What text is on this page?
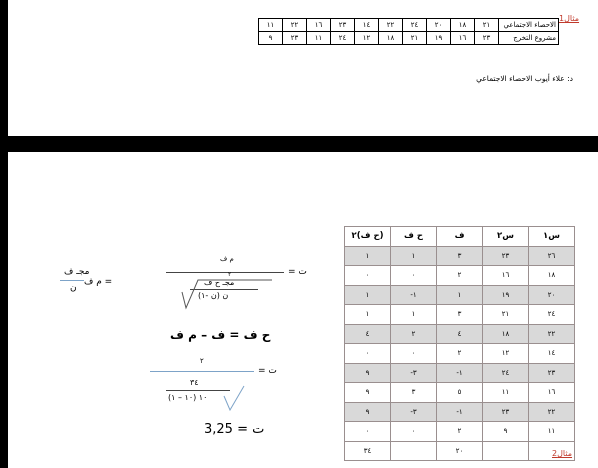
الاحصاء الاجتماعي	٢١	١٨	٢٠	٢٤	٢٢	١٤	٢٣	١٦	٢٢	١١
مشروع التخرج	٢٣	١٦	١٩	٢١	١٨	١٢	٢٤	١١	٢٣	٩
مثال1
د: علاء أيوب الاحصاء الاجتماعي
س١	س٢	ف	ح ف	(ح ف)٢
٢٦	٢٣	٣	١	١
١٨	١٦	٢	٠	٠
٢٠	١٩	١	١-	١
٢٤	٢١	٣	١	١
٢٢	١٨	٤	٢	٤
١٤	١٢	٢	٠	٠
٢٣	٢٤	١-	٣-	٩
١٦	١١	٥	٣	٩
٢٢	٢٣	١-	٣-	٩
١١	٩	٢	٠	٠
		٢٠		٣٤	مثال2
م ف =
مجـ ف
ن
= ت
م ف
٢
مجـ ح ف
ن (ن -١)
ح ف = ف – م ف
= ت
٢
٣٤
١٠ (١٠ – ١)
ت = 3,25
